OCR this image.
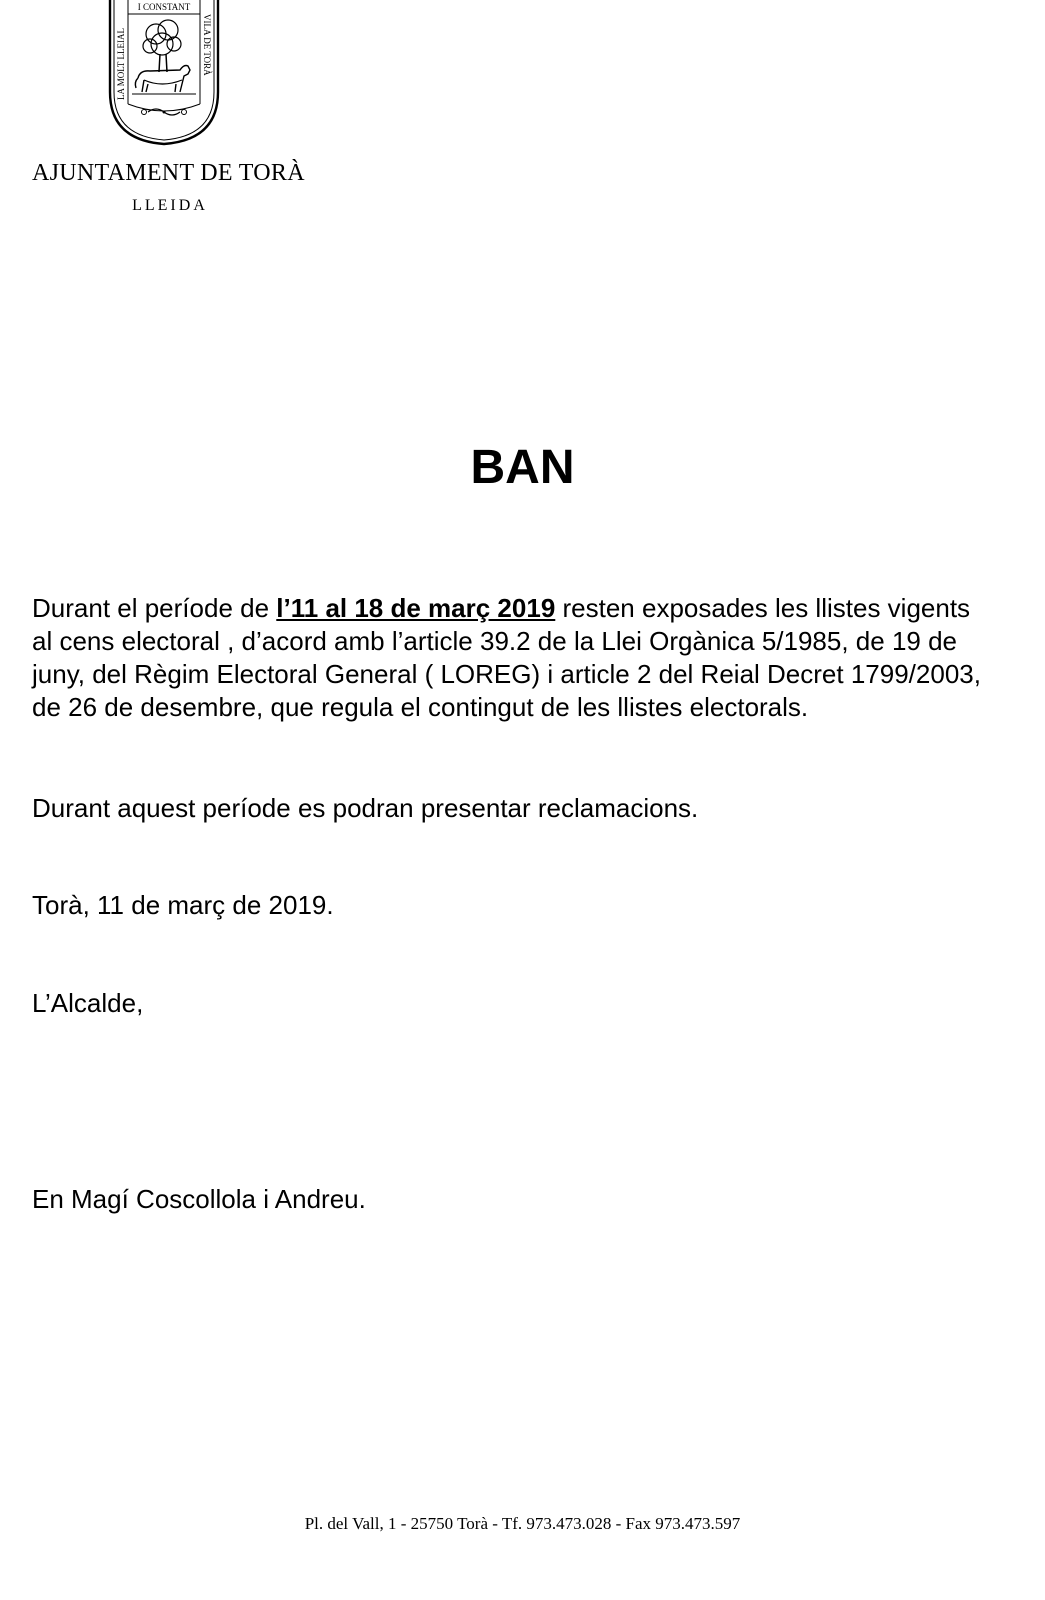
I CONSTANT
LA MOLT LLEIAL	VILA DE TORÀ
AJUNTAMENT DE TORÀ
LLEIDA
BAN

Durant el període de l’11 al 18 de març 2019 resten exposades les llistes vigents al cens electoral , d’acord amb l’article 39.2 de la Llei Orgànica 5/1985, de 19 de juny, del Règim Electoral General ( LOREG) i article 2 del Reial Decret 1799/2003, de 26 de desembre, que regula el contingut de les llistes electorals.

Durant aquest període es podran presentar reclamacions.

Torà, 11 de març de 2019.

L’Alcalde,

En Magí Coscollola i Andreu.

Pl. del Vall, 1 - 25750 Torà - Tf. 973.473.028 - Fax 973.473.597
